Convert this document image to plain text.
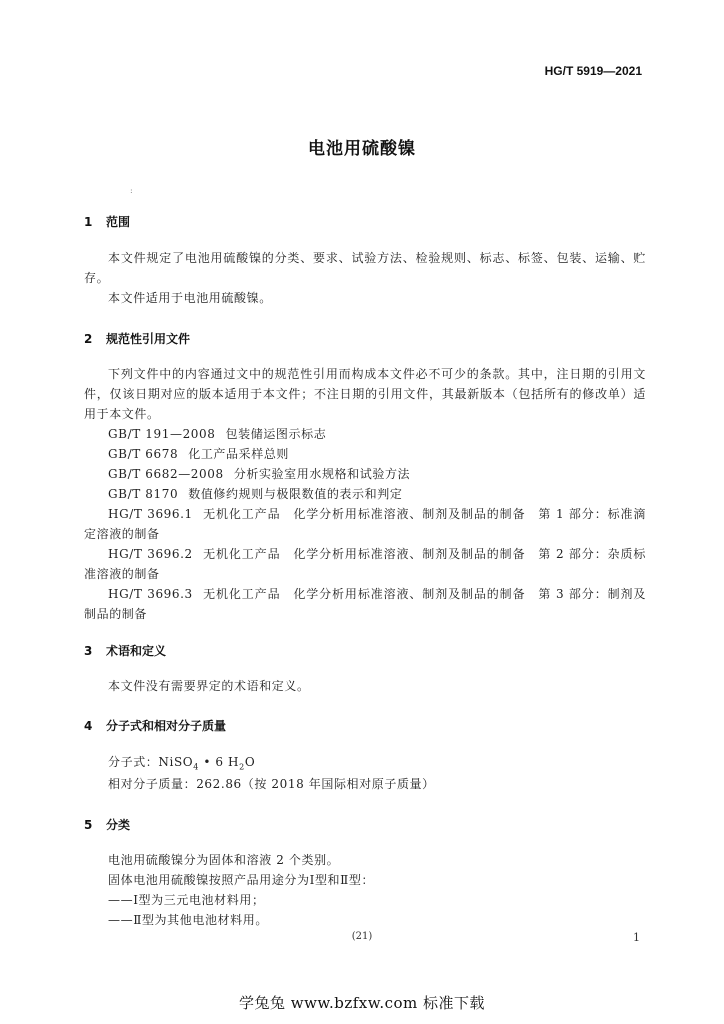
HG/T 5919—2021
电池用硫酸镍
:
1 范围
本文件规定了电池用硫酸镍的分类、要求、试验方法、检验规则、标志、标签、包装、运输、贮存。
本文件适用于电池用硫酸镍。
2 规范性引用文件
下列文件中的内容通过文中的规范性引用而构成本文件必不可少的条款。其中，注日期的引用文件，仅该日期对应的版本适用于本文件；不注日期的引用文件，其最新版本（包括所有的修改单）适用于本文件。
GB/T 191—2008 包装储运图示标志
GB/T 6678 化工产品采样总则
GB/T 6682—2008 分析实验室用水规格和试验方法
GB/T 8170 数值修约规则与极限数值的表示和判定
HG/T 3696.1 无机化工产品　化学分析用标准溶液、制剂及制品的制备　第 1 部分：标准滴定溶液的制备
HG/T 3696.2 无机化工产品　化学分析用标准溶液、制剂及制品的制备　第 2 部分：杂质标准溶液的制备
HG/T 3696.3 无机化工产品　化学分析用标准溶液、制剂及制品的制备　第 3 部分：制剂及制品的制备
3 术语和定义
本文件没有需要界定的术语和定义。
4 分子式和相对分子质量
分子式：NiSO$_4$ • 6 $H_2O$
相对分子质量：262.86（按 2018 年国际相对原子质量）
5 分类
电池用硫酸镍分为固体和溶液 2 个类别。
固体电池用硫酸镍按照产品用途分为Ⅰ型和Ⅱ型：
——Ⅰ型为三元电池材料用；
——Ⅱ型为其他电池材料用。
(21)	1
学兔兔 www.bzfxw.com 标准下载
